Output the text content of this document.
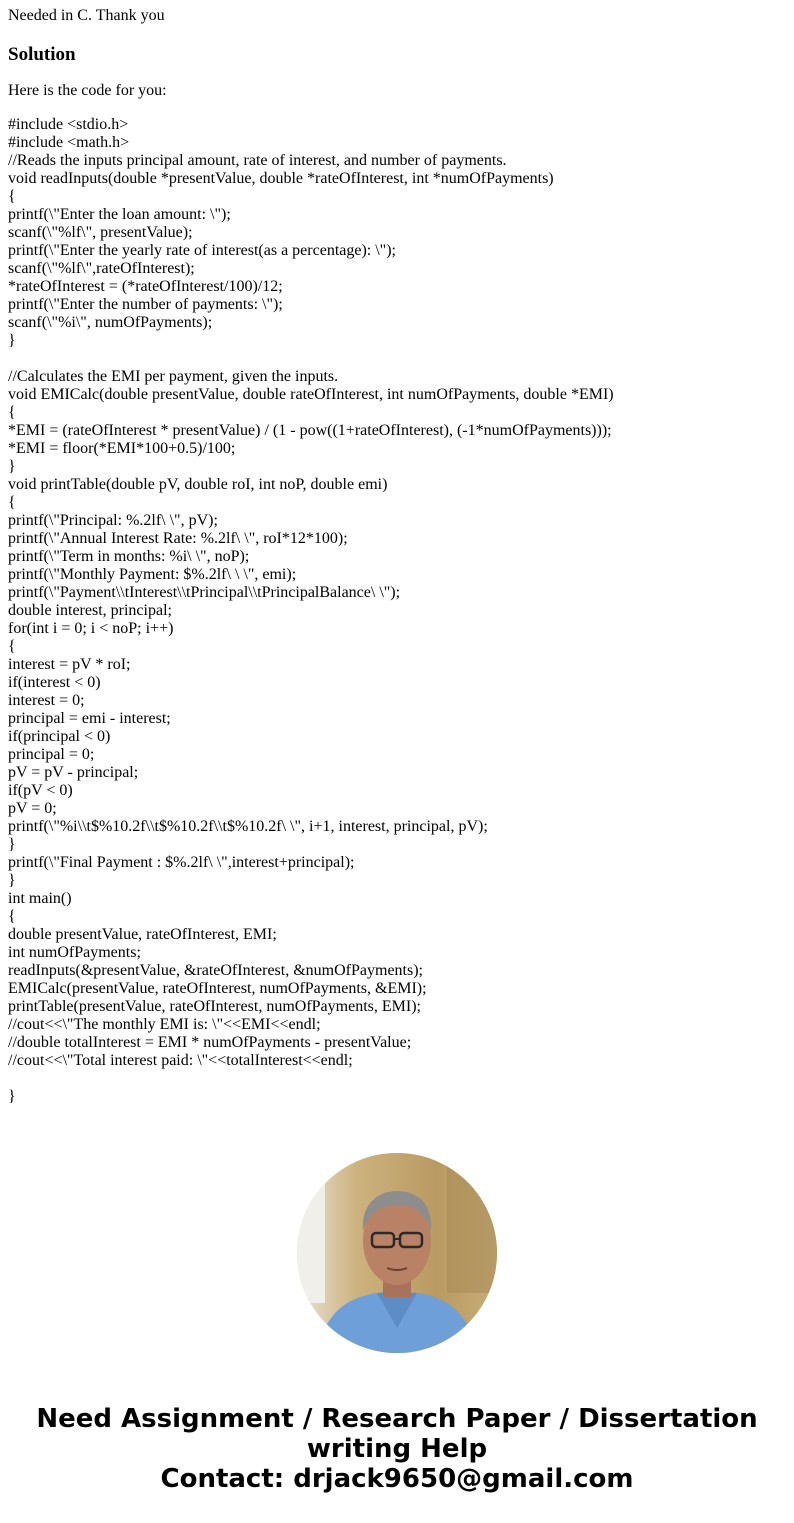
Needed in C. Thank you

Solution

Here is the code for you:

#include <stdio.h>
#include <math.h>
//Reads the inputs principal amount, rate of interest, and number of payments.
void readInputs(double *presentValue, double *rateOfInterest, int *numOfPayments)
{
printf(\"Enter the loan amount: \");
scanf(\"%lf\", presentValue);
printf(\"Enter the yearly rate of interest(as a percentage): \");
scanf(\"%lf\",rateOfInterest);
*rateOfInterest = (*rateOfInterest/100)/12;
printf(\"Enter the number of payments: \");
scanf(\"%i\", numOfPayments);
}
//Calculates the EMI per payment, given the inputs.
void EMICalc(double presentValue, double rateOfInterest, int numOfPayments, double *EMI)
{
*EMI = (rateOfInterest * presentValue) / (1 - pow((1+rateOfInterest), (-1*numOfPayments)));
*EMI = floor(*EMI*100+0.5)/100;
}
void printTable(double pV, double roI, int noP, double emi)
{
printf(\"Principal: %.2lf\ \", pV);
printf(\"Annual Interest Rate: %.2lf\ \", roI*12*100);
printf(\"Term in months: %i\ \", noP);
printf(\"Monthly Payment: $%.2lf\ \ \", emi);
printf(\"Payment\\tInterest\\tPrincipal\\tPrincipalBalance\ \");
double interest, principal;
for(int i = 0; i < noP; i++)
{
interest = pV * roI;
if(interest < 0)
interest = 0;
principal = emi - interest;
if(principal < 0)
principal = 0;
pV = pV - principal;
if(pV < 0)
pV = 0;
printf(\"%i\\t$%10.2f\\t$%10.2f\\t$%10.2f\ \", i+1, interest, principal, pV);
}
printf(\"Final Payment : $%.2lf\ \",interest+principal);
}
int main()
{
double presentValue, rateOfInterest, EMI;
int numOfPayments;
readInputs(&presentValue, &rateOfInterest, &numOfPayments);
EMICalc(presentValue, rateOfInterest, numOfPayments, &EMI);
printTable(presentValue, rateOfInterest, numOfPayments, EMI);
//cout<<\"The monthly EMI is: \"<<EMI<<endl;
//double totalInterest = EMI * numOfPayments - presentValue;
//cout<<\"Total interest paid: \"<<totalInterest<<endl;
}
Need Assignment / Research Paper / Dissertation
writing Help
Contact: drjack9650@gmail.com
